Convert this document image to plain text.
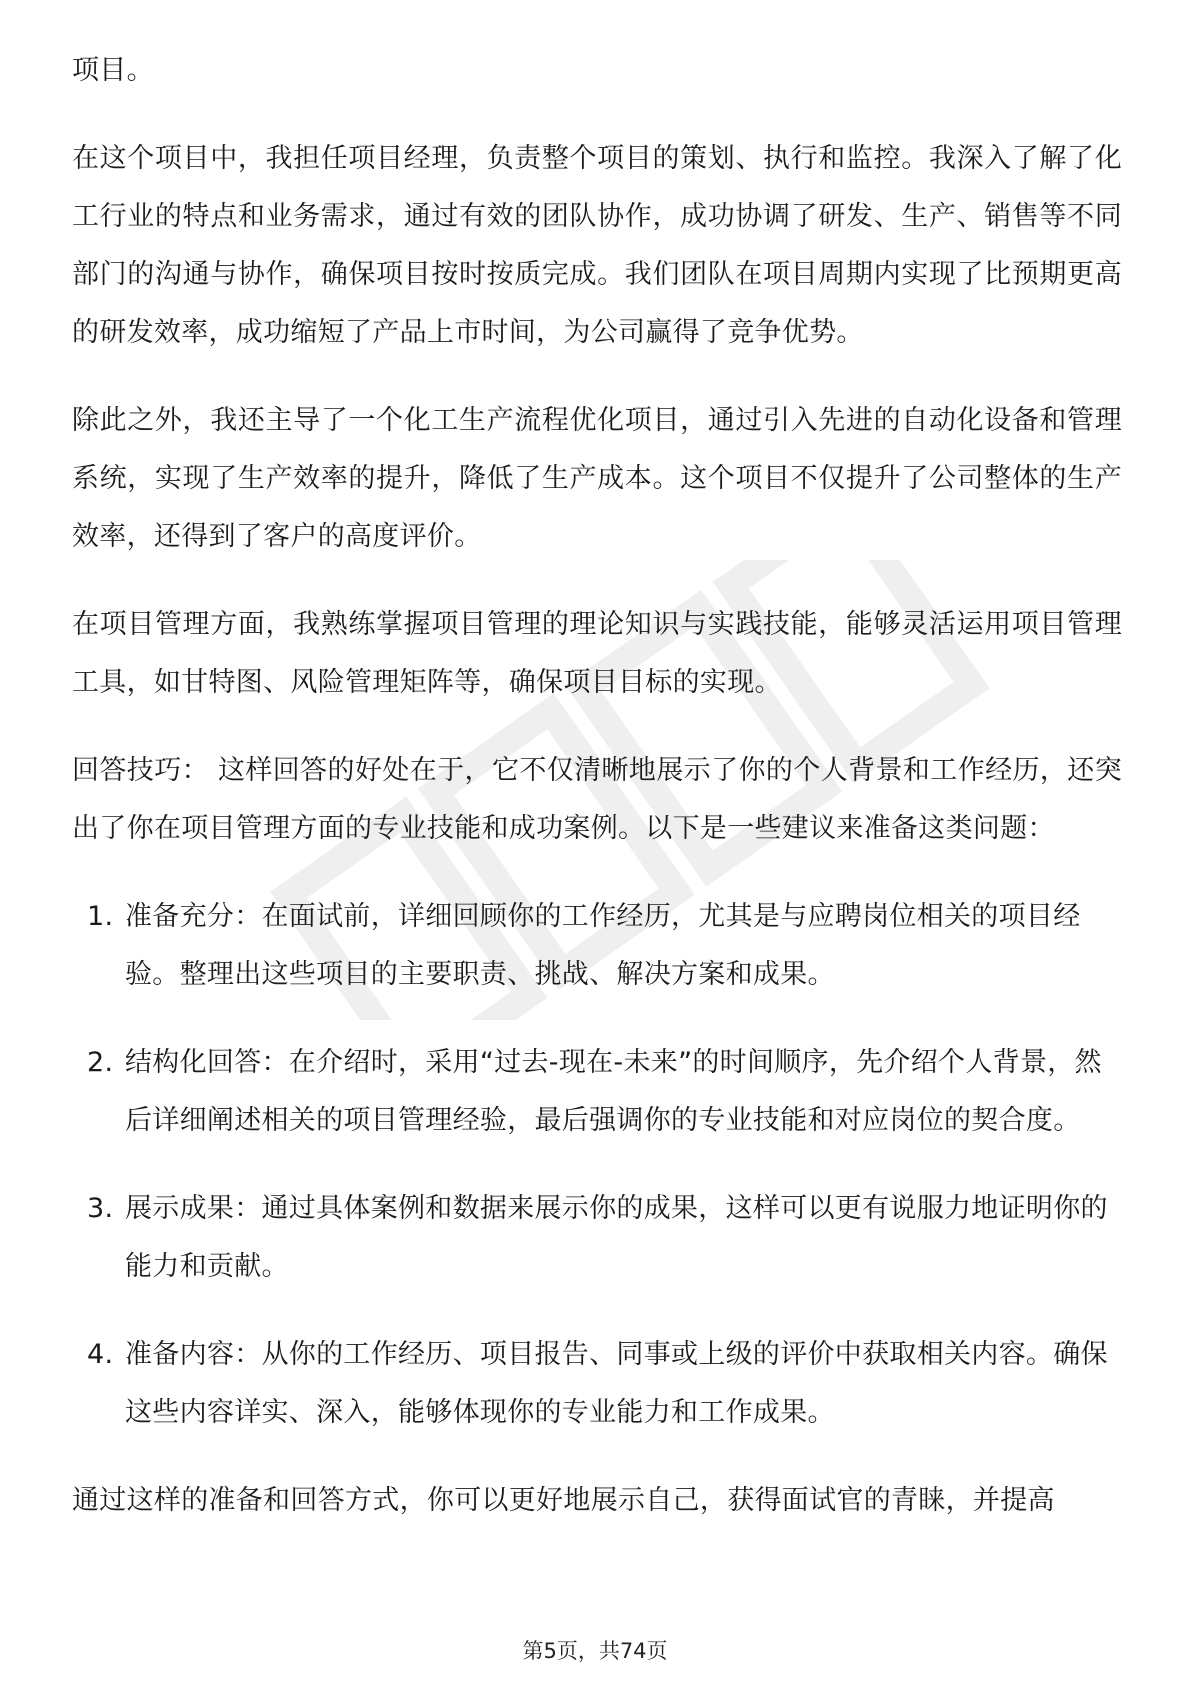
项目。

在这个项目中，我担任项目经理，负责整个项目的策划、执行和监控。我深入了解了化工行业的特点和业务需求，通过有效的团队协作，成功协调了研发、生产、销售等不同部门的沟通与协作，确保项目按时按质完成。我们团队在项目周期内实现了比预期更高的研发效率，成功缩短了产品上市时间，为公司赢得了竞争优势。

除此之外，我还主导了一个化工生产流程优化项目，通过引入先进的自动化设备和管理系统，实现了生产效率的提升，降低了生产成本。这个项目不仅提升了公司整体的生产效率，还得到了客户的高度评价。

在项目管理方面，我熟练掌握项目管理的理论知识与实践技能，能够灵活运用项目管理工具，如甘特图、风险管理矩阵等，确保项目目标的实现。

回答技巧： 这样回答的好处在于，它不仅清晰地展示了你的个人背景和工作经历，还突出了你在项目管理方面的专业技能和成功案例。以下是一些建议来准备这类问题：

1. 准备充分：在面试前，详细回顾你的工作经历，尤其是与应聘岗位相关的项目经验。整理出这些项目的主要职责、挑战、解决方案和成果。
2. 结构化回答：在介绍时，采用“过去-现在-未来”的时间顺序，先介绍个人背景，然后详细阐述相关的项目管理经验，最后强调你的专业技能和对应岗位的契合度。
3. 展示成果：通过具体案例和数据来展示你的成果，这样可以更有说服力地证明你的能力和贡献。
4. 准备内容：从你的工作经历、项目报告、同事或上级的评价中获取相关内容。确保这些内容详实、深入，能够体现你的专业能力和工作成果。

通过这样的准备和回答方式，你可以更好地展示自己，获得面试官的青睐，并提高

第5页，共74页
